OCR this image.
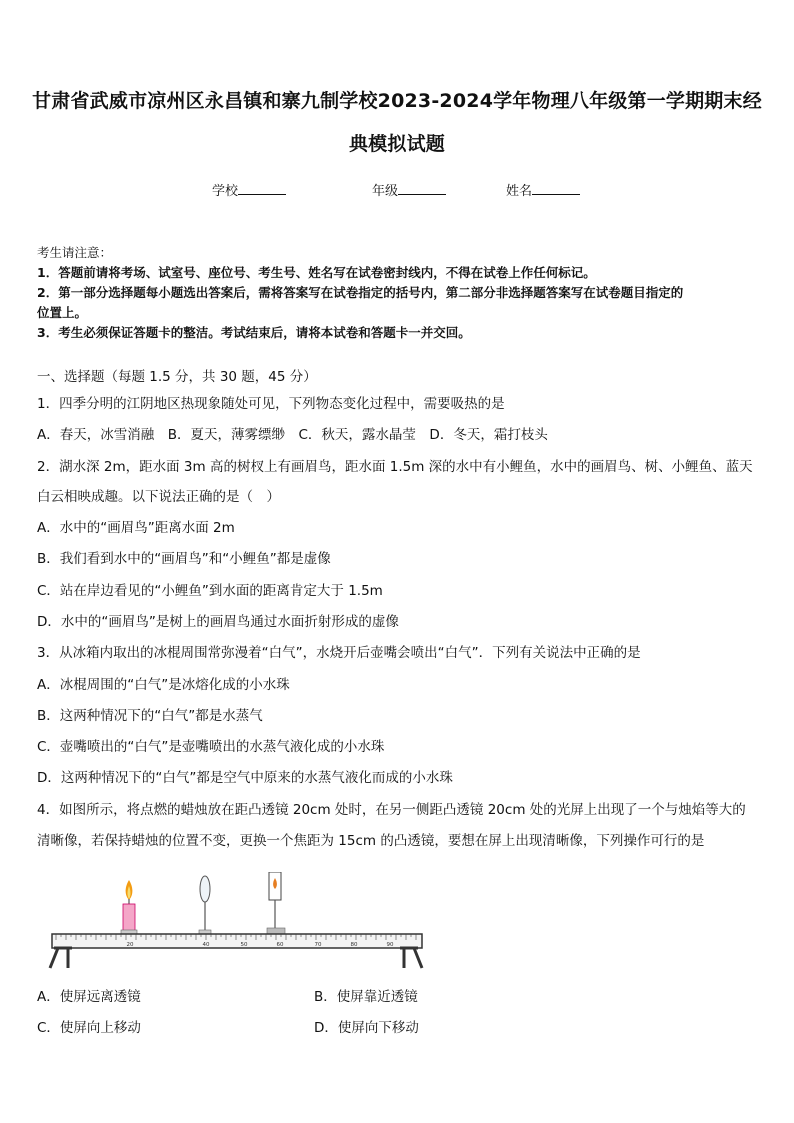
甘肃省武威市凉州区永昌镇和寨九制学校2023-2024学年物理八年级第一学期期末经
典模拟试题
学校	年级	姓名
考生请注意：
1．答题前请将考场、试室号、座位号、考生号、姓名写在试卷密封线内，不得在试卷上作任何标记。
2．第一部分选择题每小题选出答案后，需将答案写在试卷指定的括号内，第二部分非选择题答案写在试卷题目指定的
位置上。
3．考生必须保证答题卡的整洁。考试结束后，请将本试卷和答题卡一并交回。
一、选择题（每题 1.5 分，共 30 题，45 分）
1．四季分明的江阴地区热现象随处可见，下列物态变化过程中，需要吸热的是
A．春天，冰雪消融　B．夏天，薄雾缥缈　C．秋天，露水晶莹　D．冬天，霜打枝头
2．湖水深 2m，距水面 3m 高的树杈上有画眉鸟，距水面 1.5m 深的水中有小鲤鱼，水中的画眉鸟、树、小鲤鱼、蓝天
白云相映成趣。以下说法正确的是（　）
A．水中的“画眉鸟”距离水面 2m
B．我们看到水中的“画眉鸟”和“小鲤鱼”都是虚像
C．站在岸边看见的“小鲤鱼”到水面的距离肯定大于 1.5m
D．水中的“画眉鸟”是树上的画眉鸟通过水面折射形成的虚像
3．从冰箱内取出的冰棍周围常弥漫着“白气”，水烧开后壶嘴会喷出“白气”．下列有关说法中正确的是
A．冰棍周围的“白气”是冰熔化成的小水珠
B．这两种情况下的“白气”都是水蒸气
C．壶嘴喷出的“白气”是壶嘴喷出的水蒸气液化成的小水珠
D．这两种情况下的“白气”都是空气中原来的水蒸气液化而成的小水珠
4．如图所示，将点燃的蜡烛放在距凸透镜 20cm 处时，在另一侧距凸透镜 20cm 处的光屏上出现了一个与烛焰等大的
清晰像，若保持蜡烛的位置不变，更换一个焦距为 15cm 的凸透镜，要想在屏上出现清晰像，下列操作可行的是
20	40	50	60	70	80	90
A．使屏远离透镜	B．使屏靠近透镜
C．使屏向上移动	D．使屏向下移动
